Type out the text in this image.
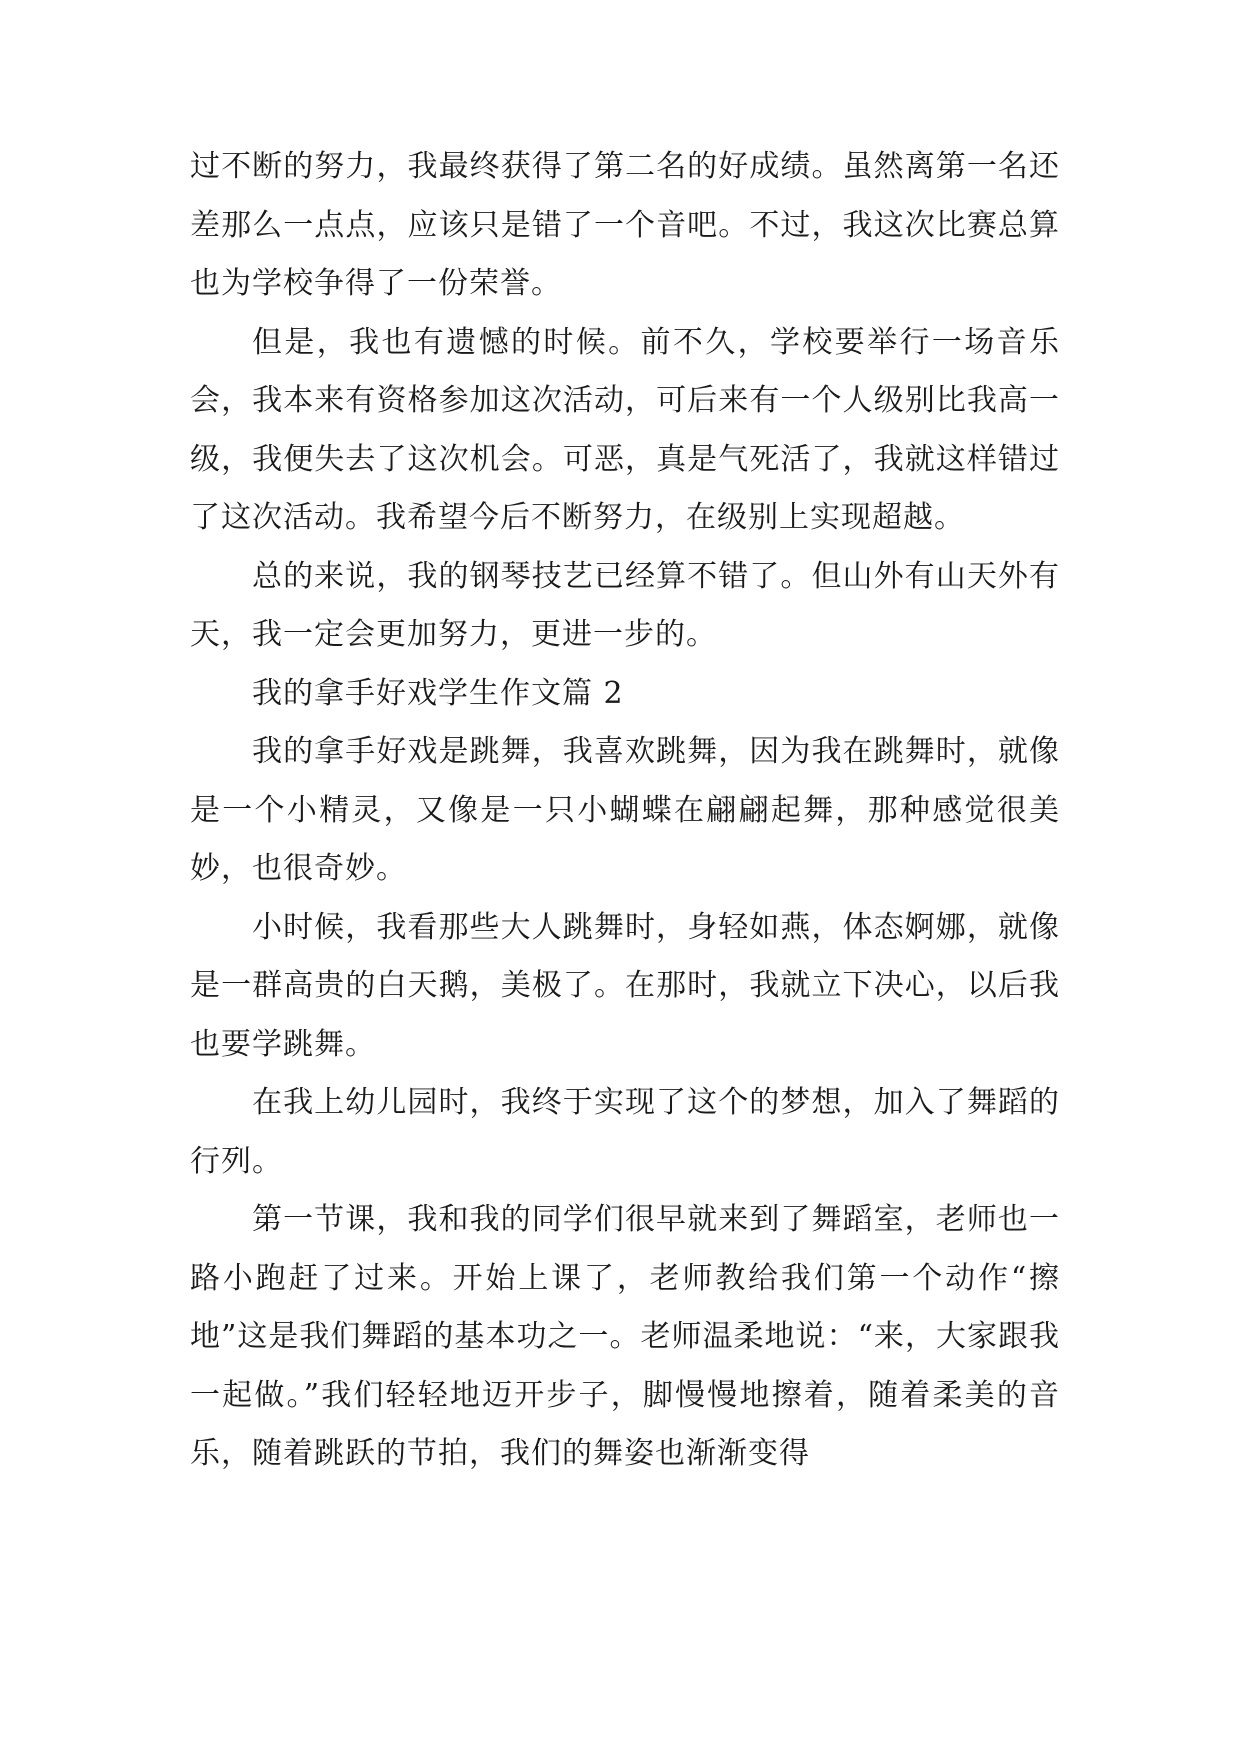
过不断的努力，我最终获得了第二名的好成绩。虽然离第一名还差那么一点点，应该只是错了一个音吧。不过，我这次比赛总算也为学校争得了一份荣誉。

但是，我也有遗憾的时候。前不久，学校要举行一场音乐会，我本来有资格参加这次活动，可后来有一个人级别比我高一级，我便失去了这次机会。可恶，真是气死活了，我就这样错过了这次活动。我希望今后不断努力，在级别上实现超越。

总的来说，我的钢琴技艺已经算不错了。但山外有山天外有天，我一定会更加努力，更进一步的。

我的拿手好戏学生作文篇 2

我的拿手好戏是跳舞，我喜欢跳舞，因为我在跳舞时，就像是一个小精灵，又像是一只小蝴蝶在翩翩起舞，那种感觉很美妙，也很奇妙。

小时候，我看那些大人跳舞时，身轻如燕，体态婀娜，就像是一群高贵的白天鹅，美极了。在那时，我就立下决心，以后我也要学跳舞。

在我上幼儿园时，我终于实现了这个的梦想，加入了舞蹈的行列。

第一节课，我和我的同学们很早就来到了舞蹈室，老师也一路小跑赶了过来。开始上课了，老师教给我们第一个动作“擦地”这是我们舞蹈的基本功之一。老师温柔地说：“来，大家跟我一起做。”我们轻轻地迈开步子，脚慢慢地擦着，随着柔美的音乐，随着跳跃的节拍，我们的舞姿也渐渐变得
